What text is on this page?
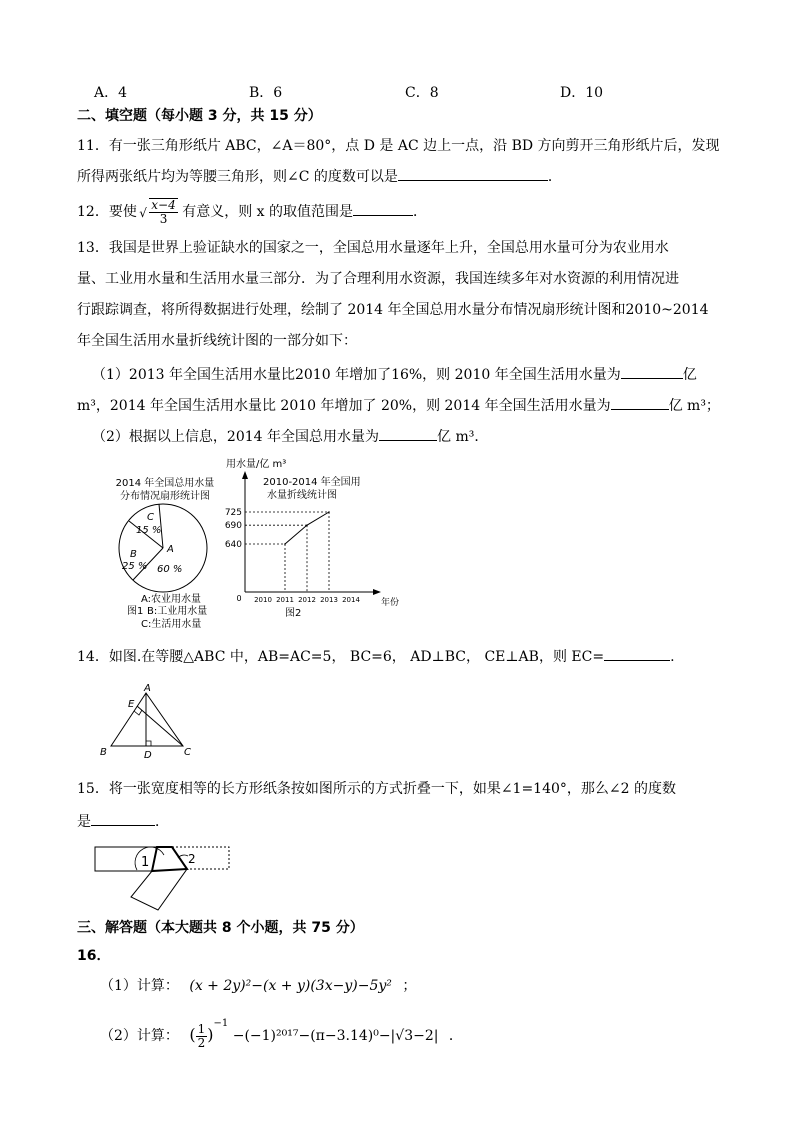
A．4	B．6	C．8	D．10
二、填空题（每小题 3 分，共 15 分）
11．有一张三角形纸片 ABC，∠A＝80°，点 D 是 AC 边上一点，沿 BD 方向剪开三角形纸片后，发现
所得两张纸片均为等腰三角形，则∠C 的度数可以是	．
12．要使 √ $\frac{x-4}{3}$ 有意义，则 x 的取值范围是	．
13．我国是世界上验证缺水的国家之一，全国总用水量逐年上升，全国总用水量可分为农业用水
量、工业用水量和生活用水量三部分．为了合理利用水资源，我国连续多年对水资源的利用情况进
行跟踪调查，将所得数据进行处理，绘制了 2014 年全国总用水量分布情况扇形统计图和2010~2014
年全国生活用水量折线统计图的一部分如下：
（1）2013 年全国生活用水量比2010 年增加了16%，则 2010 年全国生活用水量为	亿
m³，2014 年全国生活用水量比 2010 年增加了 20%，则 2014 年全国生活用水量为	亿 m³；
（2）根据以上信息，2014 年全国总用水量为	亿 m³．
2014 年全国总用水量
分布情况扇形统计图
C
15 %
B
25 %
A
60 %
A:农业用水量
图1 B:工业用水量
C:生活用水量
用水量/亿 m³
2010-2014 年全国用
水量折线统计图
0	年份
图2
2010 2011 2012 2013 2014
640
690
725
14．如图.在等腰△ABC 中，AB=AC=5， BC=6， AD⊥BC， CE⊥AB，则 EC=	.
A
B	C
D
E
15．将一张宽度相等的长方形纸条按如图所示的方式折叠一下，如果∠1=140°，那么∠2 的度数
是	．
1	2
三、解答题（本大题共 8 个小题，共 75 分）
16．
（1）计算： (x + 2y)²−(x + y)(3x−y)−5y² ；
（2）计算： ( $\frac{1}{2} )^{-1} -(-1)^{2017}-(\pi-3.14)^0-|√3-2|$ ．
